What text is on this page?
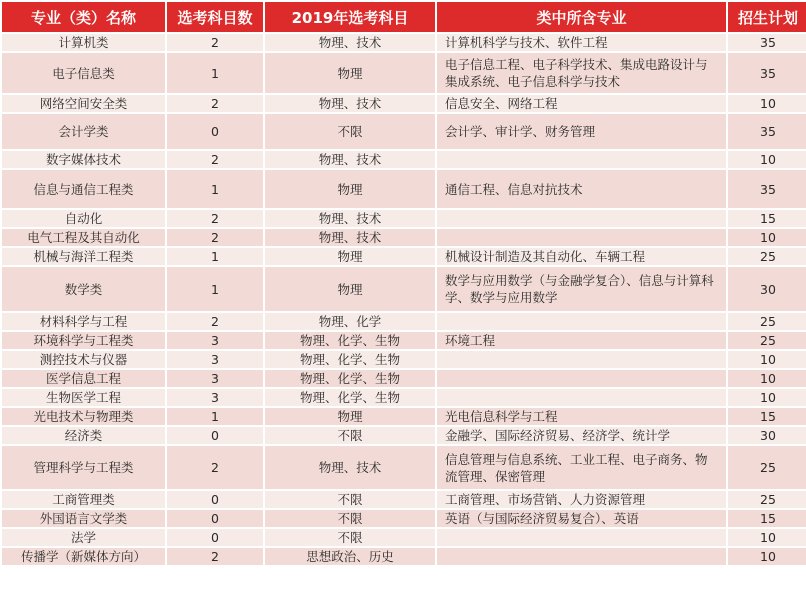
专业（类）名称	选考科目数	2019年选考科目	类中所含专业	招生计划
计算机类	2	物理、技术	计算机科学与技术、软件工程	35
电子信息类	1	物理	电子信息工程、电子科学技术、集成电路设计与集成系统、电子信息科学与技术	35
网络空间安全类	2	物理、技术	信息安全、网络工程	10
会计学类	0	不限	会计学、审计学、财务管理	35
数字媒体技术	2	物理、技术		10
信息与通信工程类	1	物理	通信工程、信息对抗技术	35
自动化	2	物理、技术		15
电气工程及其自动化	2	物理、技术		10
机械与海洋工程类	1	物理	机械设计制造及其自动化、车辆工程	25
数学类	1	物理	数学与应用数学（与金融学复合）、信息与计算科学、数学与应用数学	30
材料科学与工程	2	物理、化学		25
环境科学与工程类	3	物理、化学、生物	环境工程	25
测控技术与仪器	3	物理、化学、生物		10
医学信息工程	3	物理、化学、生物		10
生物医学工程	3	物理、化学、生物		10
光电技术与物理类	1	物理	光电信息科学与工程	15
经济类	0	不限	金融学、国际经济贸易、经济学、统计学	30
管理科学与工程类	2	物理、技术	信息管理与信息系统、工业工程、电子商务、物流管理、保密管理	25
工商管理类	0	不限	工商管理、市场营销、人力资源管理	25
外国语言文学类	0	不限	英语（与国际经济贸易复合）、英语	15
法学	0	不限		10
传播学（新媒体方向）	2	思想政治、历史		10
